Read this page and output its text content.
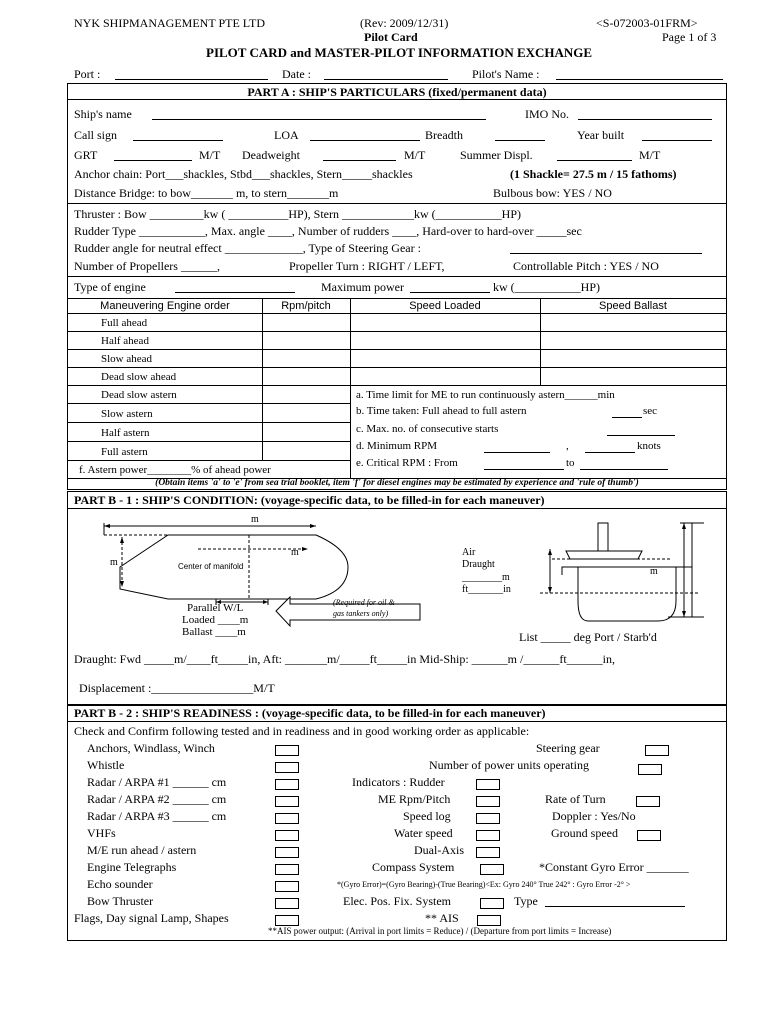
NYK SHIPMANAGEMENT PTE LTD	(Rev: 2009/12/31)	<S-072003-01FRM>
Pilot Card	Page 1 of 3
PILOT CARD and MASTER-PILOT INFORMATION EXCHANGE
Port :	Date :	Pilot's Name :
PART A : SHIP'S PARTICULARS (fixed/permanent data)
Ship's name	IMO No.
Call sign	LOA	Breadth	Year built
GRT	M/T Deadweight	M/T	Summer Displ.	M/T
Anchor chain: Port___shackles, Stbd___shackles, Stern_____shackles	(1 Shackle= 27.5 m / 15 fathoms)
Distance Bridge: to bow_______ m, to stern_______m	Bulbous bow: YES / NO
Thruster : Bow _________kw ( __________HP), Stern ____________kw (___________HP)
Rudder Type ___________, Max. angle ____, Number of rudders ____, Hard-over to hard-over _____sec
Rudder angle for neutral effect _____________, Type of Steering Gear :
Number of Propellers ______,	Propeller Turn : RIGHT / LEFT,	Controllable Pitch : YES / NO
Type of engine	Maximum power	kw (___________HP)
Maneuvering Engine order	Rpm/pitch	Speed Loaded	Speed Ballast
Full ahead
Half ahead
Slow ahead
Dead slow ahead
Dead slow astern
Slow astern
Half astern
Full astern
f. Astern power________% of ahead power
a. Time limit for ME to run continuously astern______min
b. Time taken: Full ahead to full astern	sec
c. Max. no. of consecutive starts
d. Minimum RPM	,	knots
e. Critical RPM : From	to
(Obtain items 'a' to 'e' from sea trial booklet, item 'f' for diesel engines may be estimated by experience and 'rule of thumb')
PART B - 1 : SHIP'S CONDITION: (voyage-specific data, to be filled-in for each maneuver)
m
m
m
Center of manifold
Parallel W/L
Loaded ____m
Ballast ____m
(Required for oil &
gas tankers only)
Air
Draught
________m
ft_______in
m
List _____ deg Port / Starb'd
Draught: Fwd _____m/____ft_____in, Aft: _______m/_____ft_____in Mid-Ship: ______m /______ft______in,
Displacement :_________________M/T
PART B - 2 : SHIP'S READINESS : (voyage-specific data, to be filled-in for each maneuver)
Check and Confirm following tested and in readiness and in good working order as applicable:
Anchors, Windlass, Winch
Whistle
Radar / ARPA #1 ______ cm
Radar / ARPA #2 ______ cm
Radar / ARPA #3 ______ cm
VHFs
M/E run ahead / astern
Engine Telegraphs
Echo sounder
Bow Thruster
Flags, Day signal Lamp, Shapes
Indicators : Rudder
ME Rpm/Pitch
Speed log
Water speed
Dual-Axis
Compass System
Elec. Pos. Fix. System
** AIS
Steering gear
Number of power units operating
Rate of Turn
Doppler : Yes/No
Ground speed
*Constant Gyro Error _______
*(Gyro Error)=(Gyro Bearing)-(True Bearing)<Ex: Gyro 240° True 242° : Gyro Error -2° >
Type
**AIS power output: (Arrival in port limits = Reduce) / (Departure from port limits = Increase)
